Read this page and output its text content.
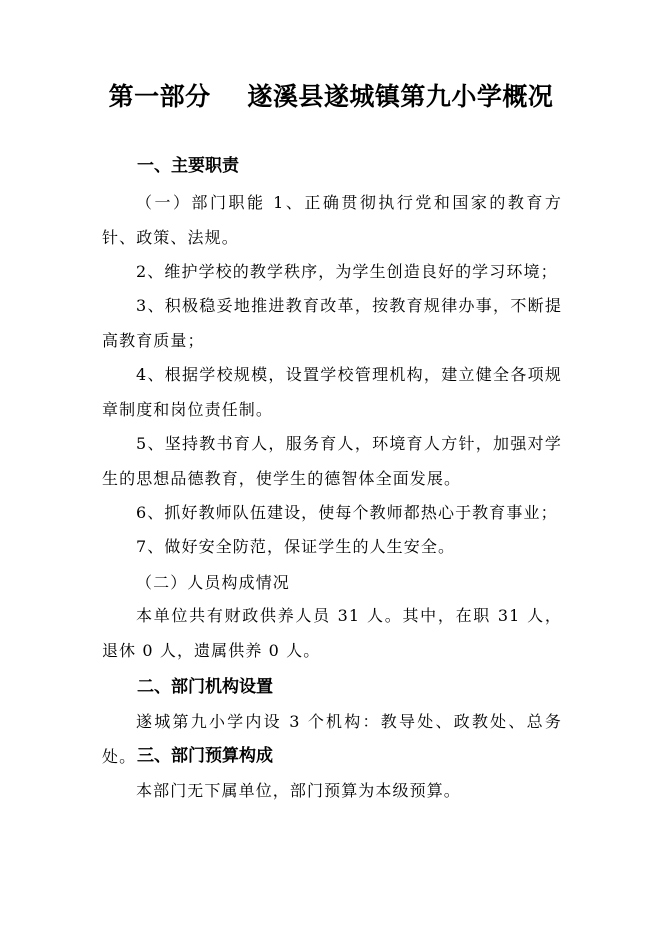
第一部分    遂溪县遂城镇第九小学概况
一、主要职责
（一）部门职能 1、正确贯彻执行党和国家的教育方针、政策、法规。
2、维护学校的教学秩序，为学生创造良好的学习环境；
3、积极稳妥地推进教育改革，按教育规律办事，不断提高教育质量；
4、根据学校规模，设置学校管理机构，建立健全各项规章制度和岗位责任制。
5、坚持教书育人，服务育人，环境育人方针，加强对学生的思想品德教育，使学生的德智体全面发展。
6、抓好教师队伍建设，使每个教师都热心于教育事业；
7、做好安全防范，保证学生的人生安全。
（二）人员构成情况
本单位共有财政供养人员 31 人。其中，在职 31 人，退休 0 人，遗属供养 0 人。
二、部门机构设置
遂城第九小学内设 3 个机构：教导处、政教处、总务处。 三、部门预算构成
本部门无下属单位，部门预算为本级预算。
